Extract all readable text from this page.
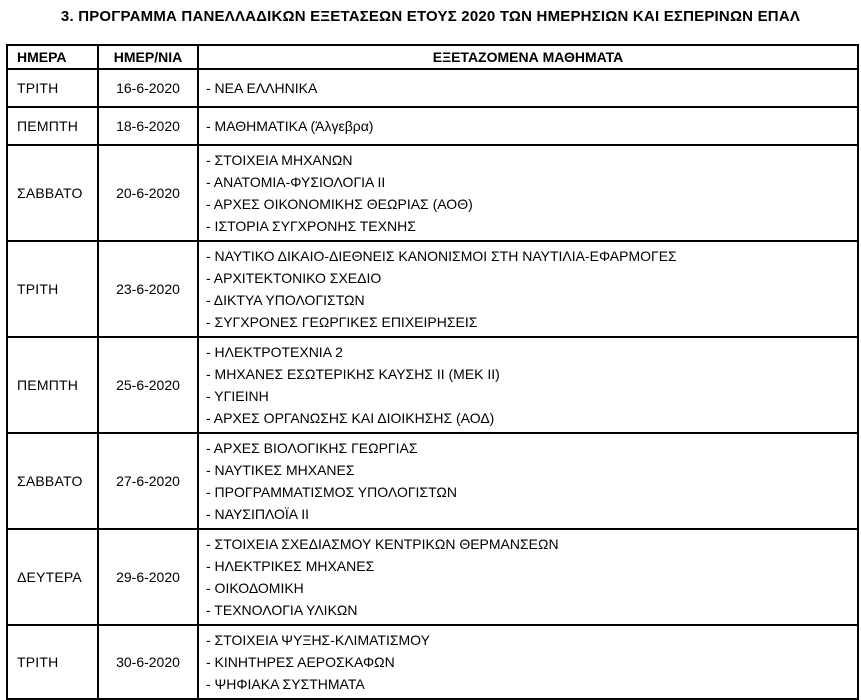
3. ΠΡΟΓΡΑΜΜΑ ΠΑΝΕΛΛΑΔΙΚΩΝ ΕΞΕΤΑΣΕΩΝ ΕΤΟΥΣ 2020 ΤΩΝ ΗΜΕΡΗΣΙΩΝ ΚΑΙ ΕΣΠΕΡΙΝΩΝ ΕΠΑΛ
ΗΜΕΡΑ	ΗΜΕΡ/ΝΙΑ	ΕΞΕΤΑΖΟΜΕΝΑ ΜΑΘΗΜΑΤΑ
ΤΡΙΤΗ	16-6-2020	- ΝΕΑ ΕΛΛΗΝΙΚΑ

ΠΕΜΠΤΗ	18-6-2020	- ΜΑΘΗΜΑΤΙΚΑ (Άλγεβρα)

ΣΑΒΒΑΤΟ	20-6-2020	- ΣΤΟΙΧΕΙΑ ΜΗΧΑΝΩΝ
- ΑΝΑΤΟΜΙΑ-ΦΥΣΙΟΛΟΓΙΑ II
- ΑΡΧΕΣ ΟΙΚΟΝΟΜΙΚΗΣ ΘΕΩΡΙΑΣ (ΑΟΘ)
- ΙΣΤΟΡΙΑ ΣΥΓΧΡΟΝΗΣ ΤΕΧΝΗΣ

ΤΡΙΤΗ	23-6-2020	- ΝΑΥΤΙΚΟ ΔΙΚΑΙΟ-ΔΙΕΘΝΕΙΣ ΚΑΝΟΝΙΣΜΟΙ ΣΤΗ ΝΑΥΤΙΛΙΑ-ΕΦΑΡΜΟΓΕΣ
- ΑΡΧΙΤΕΚΤΟΝΙΚΟ ΣΧΕΔΙΟ
- ΔΙΚΤΥΑ ΥΠΟΛΟΓΙΣΤΩΝ
- ΣΥΓΧΡΟΝΕΣ ΓΕΩΡΓΙΚΕΣ ΕΠΙΧΕΙΡΗΣΕΙΣ

ΠΕΜΠΤΗ	25-6-2020	- ΗΛΕΚΤΡΟΤΕΧΝΙΑ 2
- ΜΗΧΑΝΕΣ ΕΣΩΤΕΡΙΚΗΣ ΚΑΥΣΗΣ II (ΜΕΚ II)
- ΥΓΙΕΙΝΗ
- ΑΡΧΕΣ ΟΡΓΑΝΩΣΗΣ ΚΑΙ ΔΙΟΙΚΗΣΗΣ (ΑΟΔ)

ΣΑΒΒΑΤΟ	27-6-2020	- ΑΡΧΕΣ ΒΙΟΛΟΓΙΚΗΣ ΓΕΩΡΓΙΑΣ
- ΝΑΥΤΙΚΕΣ ΜΗΧΑΝΕΣ
- ΠΡΟΓΡΑΜΜΑΤΙΣΜΟΣ ΥΠΟΛΟΓΙΣΤΩΝ
- ΝΑΥΣΙΠΛΟΪΑ II

ΔΕΥΤΕΡΑ	29-6-2020	- ΣΤΟΙΧΕΙΑ ΣΧΕΔΙΑΣΜΟΥ ΚΕΝΤΡΙΚΩΝ ΘΕΡΜΑΝΣΕΩΝ
- ΗΛΕΚΤΡΙΚΕΣ ΜΗΧΑΝΕΣ
- ΟΙΚΟΔΟΜΙΚΗ
- ΤΕΧΝΟΛΟΓΙΑ ΥΛΙΚΩΝ

ΤΡΙΤΗ	30-6-2020	- ΣΤΟΙΧΕΙΑ ΨΥΞΗΣ-ΚΛΙΜΑΤΙΣΜΟΥ
- ΚΙΝΗΤΗΡΕΣ ΑΕΡΟΣΚΑΦΩΝ
- ΨΗΦΙΑΚΑ ΣΥΣΤΗΜΑΤΑ
